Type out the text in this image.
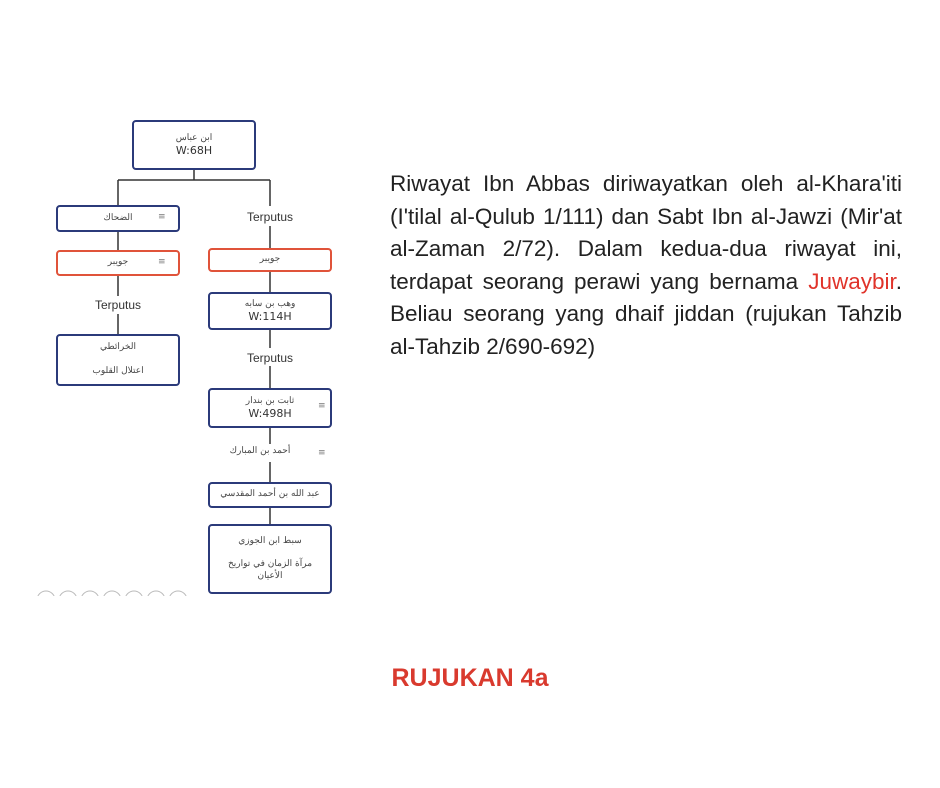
ابن عباس
W:68H
الضحاك	≡
جويبر	≡
Terputus
الخرائطي
اعتلال القلوب
Terputus
جويبر
وهب بن سابه
W:114H
Terputus
ثابت بن بندار
W:498H
≡
أحمد بن المبارك	≡
عبد الله بن أحمد المقدسي
سبط ابن الجوزي
مرآة الزمان في تواريخ الأعيان
Riwayat Ibn Abbas diriwayatkan oleh al-Khara'iti (I'tilal al-Qulub 1/111) dan Sabt Ibn al-Jawzi (Mir'at al-Zaman 2/72). Dalam kedua-dua riwayat ini, terdapat seorang perawi yang bernama Juwaybir. Beliau seorang yang dhaif jiddan (rujukan Tahzib al-Tahzib 2/690-692)
RUJUKAN 4a
